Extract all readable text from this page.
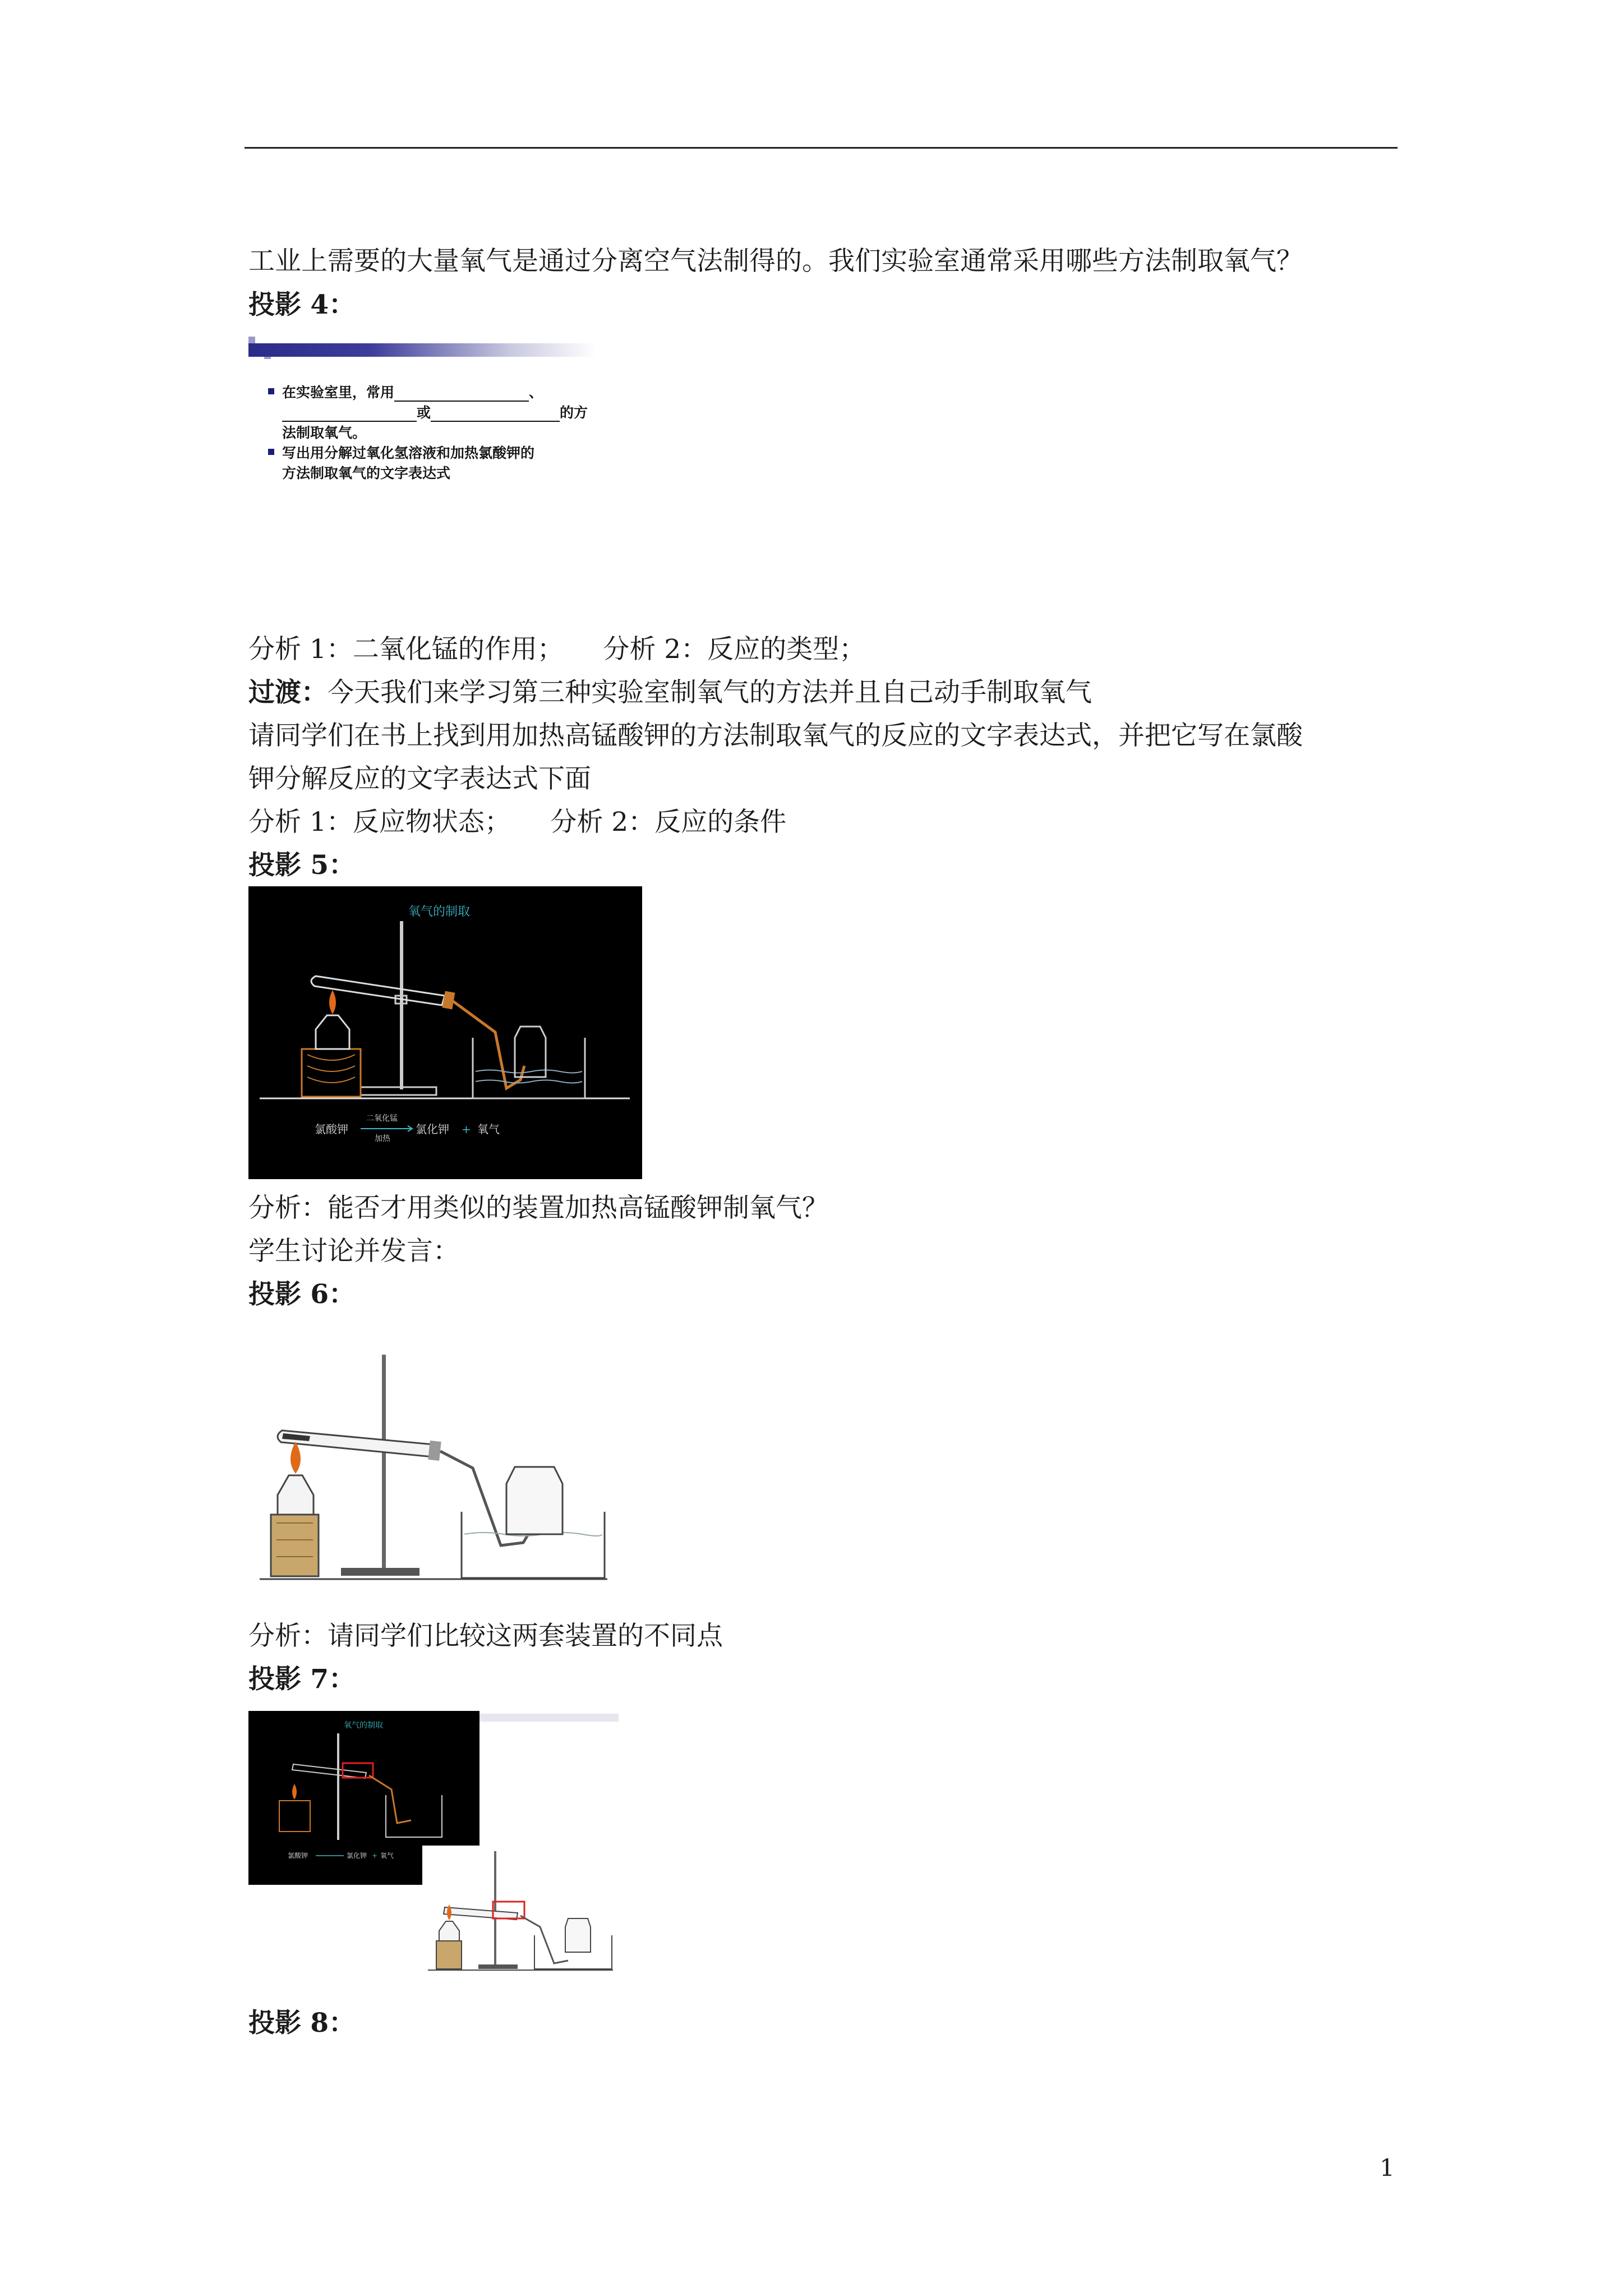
工业上需要的大量氧气是通过分离空气法制得的。我们实验室通常采用哪些方法制取氧气？
投影 4：
在实验室里，常用	、
或	的方
法制取氧气。
写出用分解过氧化氢溶液和加热氯酸钾的
方法制取氧气的文字表达式
分析 1：二氧化锰的作用；　　分析 2：反应的类型；
过渡：今天我们来学习第三种实验室制氧气的方法并且自己动手制取氧气
请同学们在书上找到用加热高锰酸钾的方法制取氧气的反应的文字表达式，并把它写在氯酸
钾分解反应的文字表达式下面
分析 1：反应物状态；　　分析 2：反应的条件
投影 5：
氧气的制取
氯酸钾
二氧化锰
加热
氯化钾 + 氧气
分析：能否才用类似的装置加热高锰酸钾制氧气？
学生讨论并发言：
投影 6：
分析：请同学们比较这两套装置的不同点
投影 7：
氧气的制取
氯酸钾	氯化钾 + 氧气
投影 8：
1
